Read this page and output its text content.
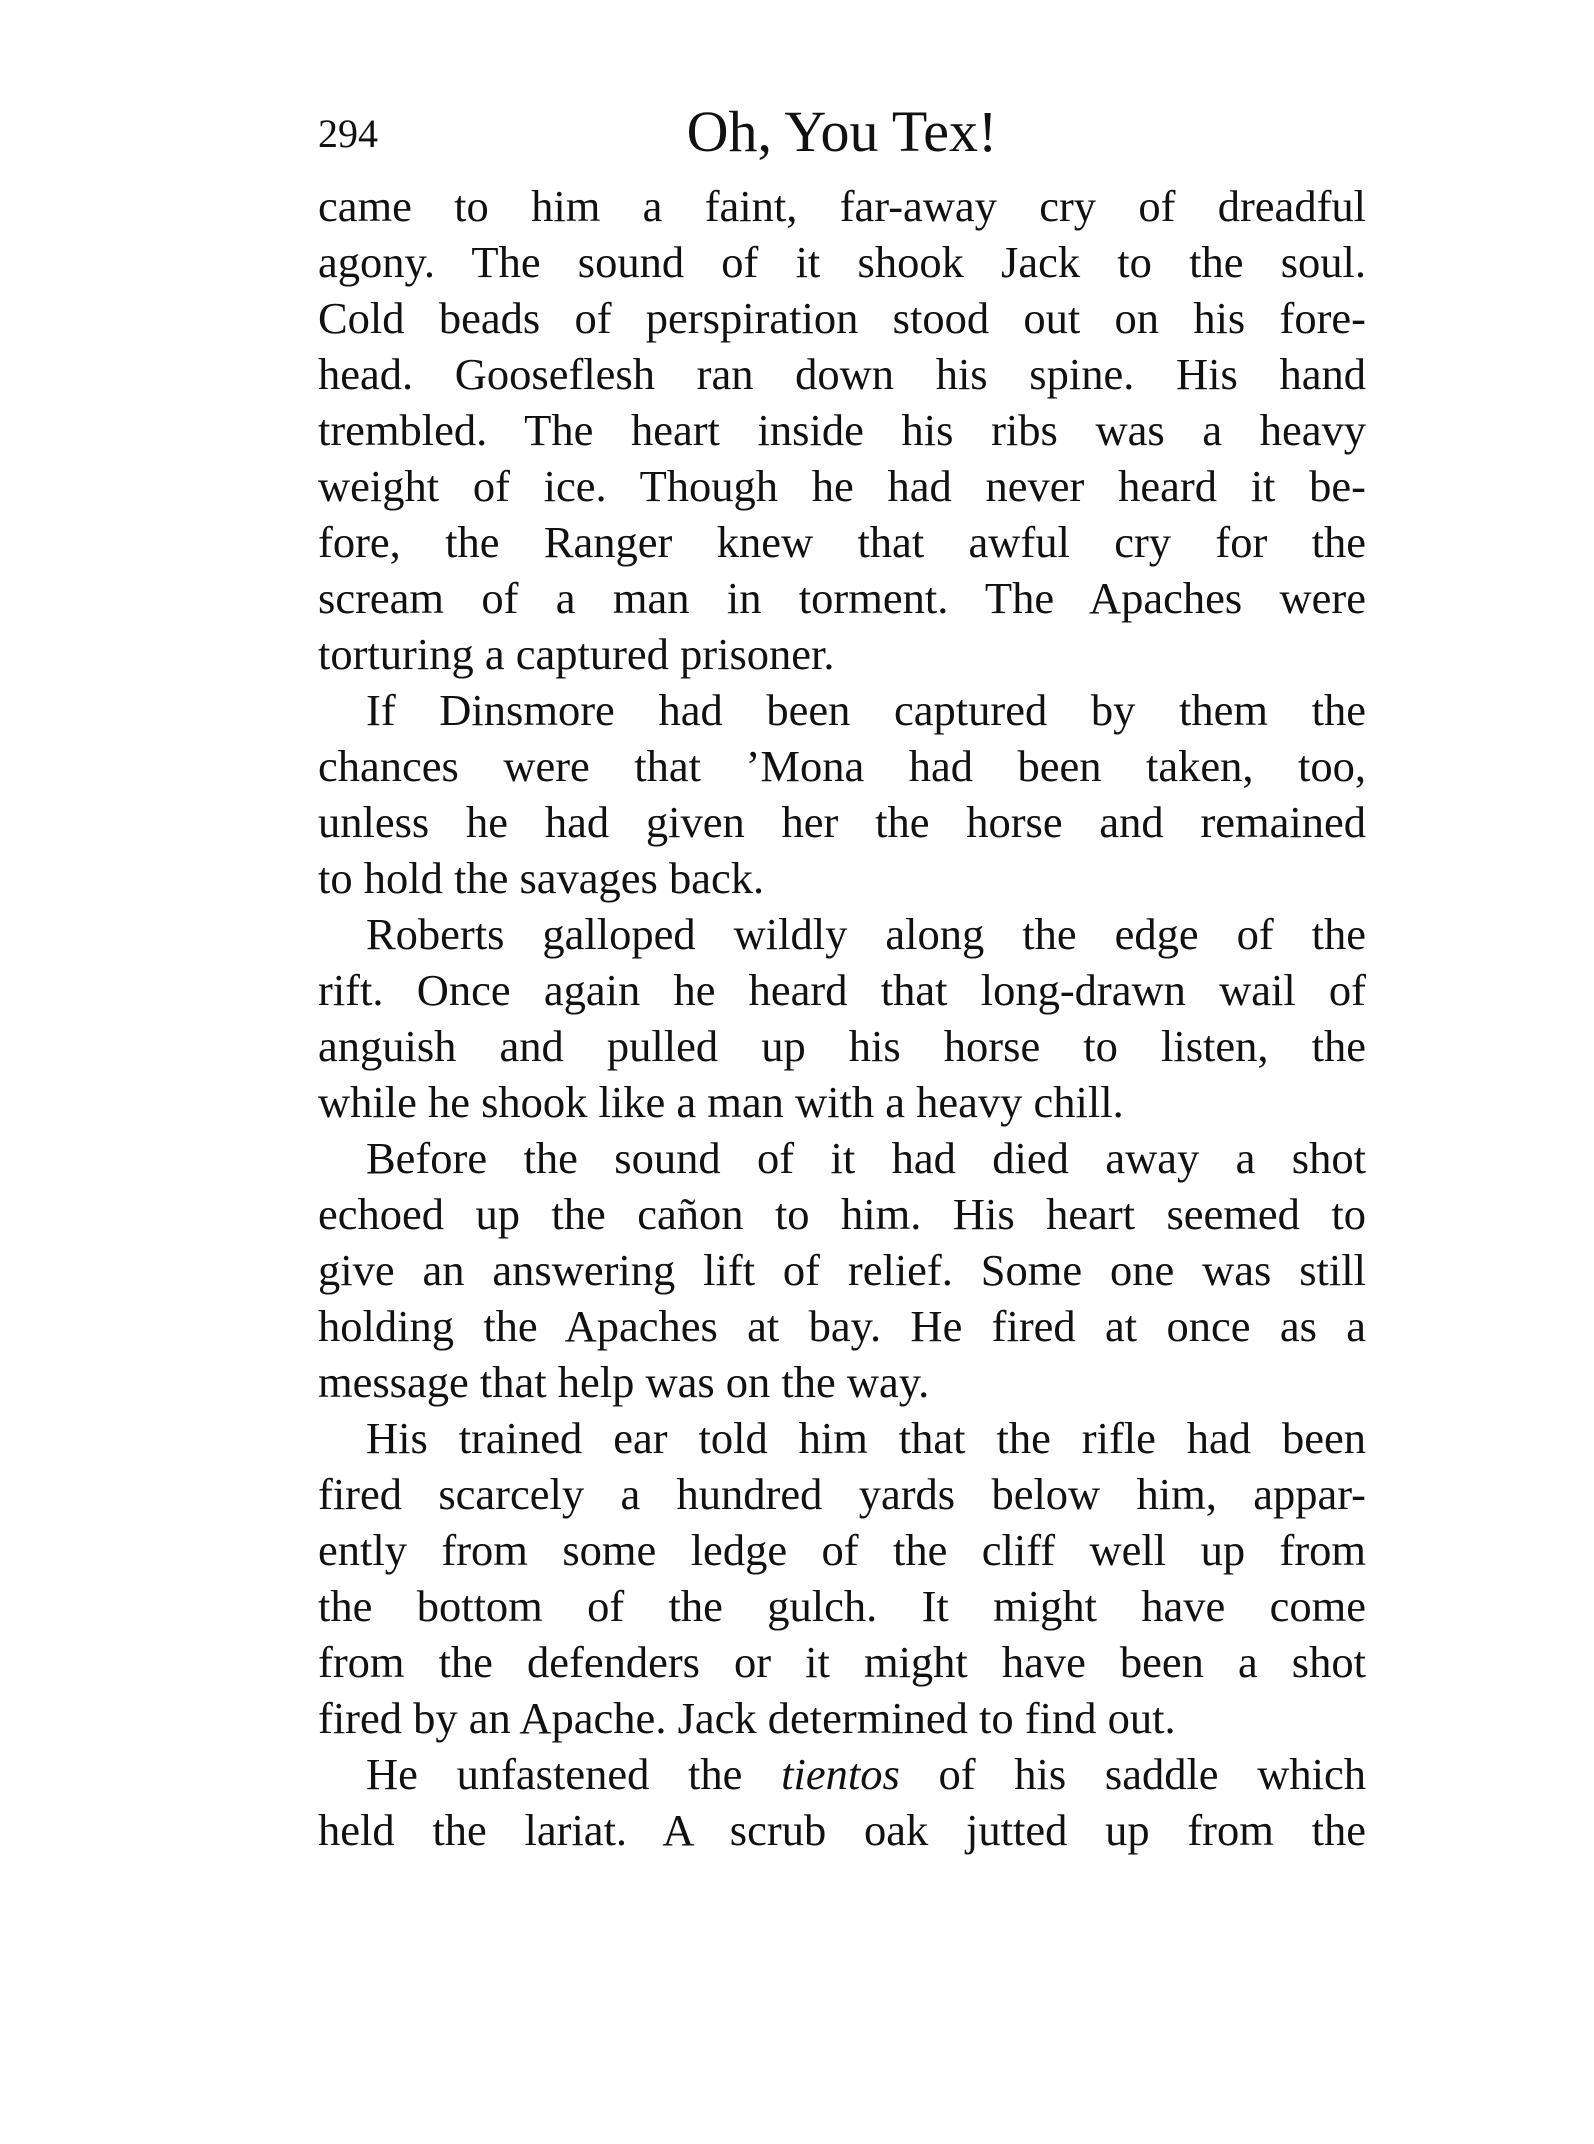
294	Oh, You Tex!
came to him a faint, far-away cry of dreadful
agony. The sound of it shook Jack to the soul.
Cold beads of perspiration stood out on his fore-
head. Gooseflesh ran down his spine. His hand
trembled. The heart inside his ribs was a heavy
weight of ice. Though he had never heard it be-
fore, the Ranger knew that awful cry for the
scream of a man in torment. The Apaches were
torturing a captured prisoner.
If Dinsmore had been captured by them the
chances were that ’Mona had been taken, too,
unless he had given her the horse and remained
to hold the savages back.
Roberts galloped wildly along the edge of the
rift. Once again he heard that long-drawn wail of
anguish and pulled up his horse to listen, the
while he shook like a man with a heavy chill.
Before the sound of it had died away a shot
echoed up the cañon to him. His heart seemed to
give an answering lift of relief. Some one was still
holding the Apaches at bay. He fired at once as a
message that help was on the way.
His trained ear told him that the rifle had been
fired scarcely a hundred yards below him, appar-
ently from some ledge of the cliff well up from
the bottom of the gulch. It might have come
from the defenders or it might have been a shot
fired by an Apache. Jack determined to find out.
He unfastened the tientos of his saddle which
held the lariat. A scrub oak jutted up from the
